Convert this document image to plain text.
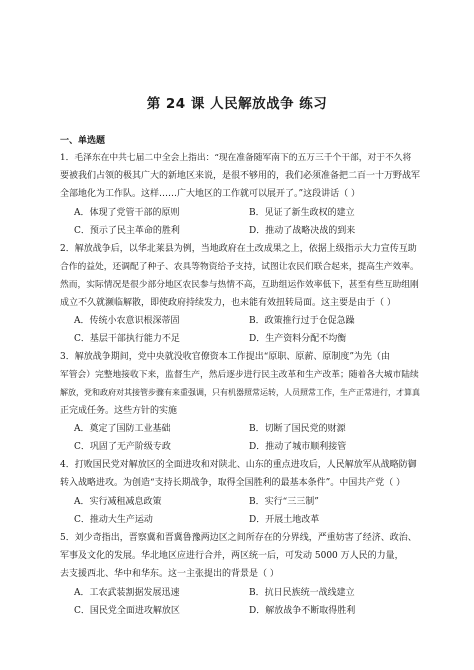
第 24 课 人民解放战争 练习
一、单选题
1．毛泽东在中共七届二中全会上指出：“现在准备随军南下的五万三千个干部，对于不久将
要被我们占领的极其广大的新地区来说，是很不够用的，我们必须准备把二百一十万野战军
全部地化为工作队。这样……广大地区的工作就可以展开了。”这段讲话（ ）
A．体现了党管干部的原则	B．见证了新生政权的建立
C．预示了民主革命的胜利	D．推动了战略决战的到来
2．解放战争后，以华北莱县为例，当地政府在土改成果之上，依据上级指示大力宣传互助
合作的益处，还调配了种子、农具等物资给予支持，试图让农民们联合起来，提高生产效率。
然而，实际情况是很少部分地区农民参与热情不高，互助组运作效率低下，甚至有些互助组刚
成立不久就濒临解散，即使政府持续发力，也未能有效扭转局面。这主要是由于（ ）
A．传统小农意识根深蒂固	B．政策推行过于仓促急躁
C．基层干部执行能力不足	D．生产资料分配不均衡
3．解放战争期间，党中央就没收官僚资本工作提出“原职、原薪、原制度”为先（由
军管会）完整地接收下来，监督生产，然后逐步进行民主改革和生产改革；随着各大城市陆续
解放，党和政府对其接管步骤有来重强调，只有机器照常运转，人员照常工作，生产正常进行，才算真
正完成任务。这些方针的实施
A．奠定了国防工业基础	B．切断了国民党的财源
C．巩固了无产阶级专政	D．推动了城市顺利接管
4．打败国民党对解放区的全面进攻和对陕北、山东的重点进攻后，人民解放军从战略防御
转入战略进攻。为创造“支持长期战争，取得全国胜利的最基本条件”。中国共产党（ ）
A．实行减租减息政策	B．实行“三三制”
C．推动大生产运动	D．开展土地改革
5．刘少奇指出，晋察冀和晋冀鲁豫两边区之间所存在的分界线，严重妨害了经济、政治、
军事及文化的发展。华北地区应进行合并，两区统一后，可发动 5000 万人民的力量，
去支援西北、华中和华东。这一主张提出的背景是（ ）
A．工农武装割据发展迅速	B．抗日民族统一战线建立
C．国民党全面进攻解放区	D．解放战争不断取得胜利
